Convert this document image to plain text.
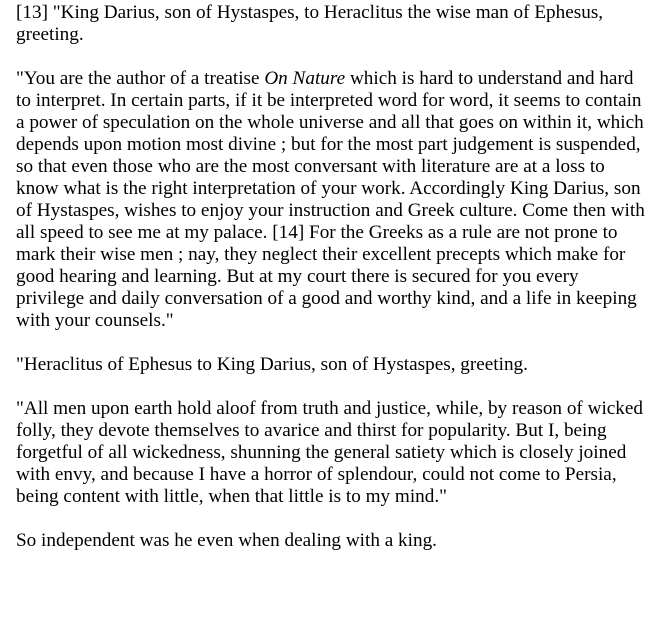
[13] "King Darius, son of Hystaspes, to Heraclitus the wise man of Ephesus, greeting.

"You are the author of a treatise On Nature which is hard to understand and hard to interpret. In certain parts, if it be interpreted word for word, it seems to contain a power of speculation on the whole universe and all that goes on within it, which depends upon motion most divine ; but for the most part judgement is suspended, so that even those who are the most conversant with literature are at a loss to know what is the right interpretation of your work. Accordingly King Darius, son of Hystaspes, wishes to enjoy your instruction and Greek culture. Come then with all speed to see me at my palace. [14] For the Greeks as a rule are not prone to mark their wise men ; nay, they neglect their excellent precepts which make for good hearing and learning. But at my court there is secured for you every privilege and daily conversation of a good and worthy kind, and a life in keeping with your counsels."

"Heraclitus of Ephesus to King Darius, son of Hystaspes, greeting.

"All men upon earth hold aloof from truth and justice, while, by reason of wicked folly, they devote themselves to avarice and thirst for popularity. But I, being forgetful of all wickedness, shunning the general satiety which is closely joined with envy, and because I have a horror of splendour, could not come to Persia, being content with little, when that little is to my mind."

So independent was he even when dealing with a king.
